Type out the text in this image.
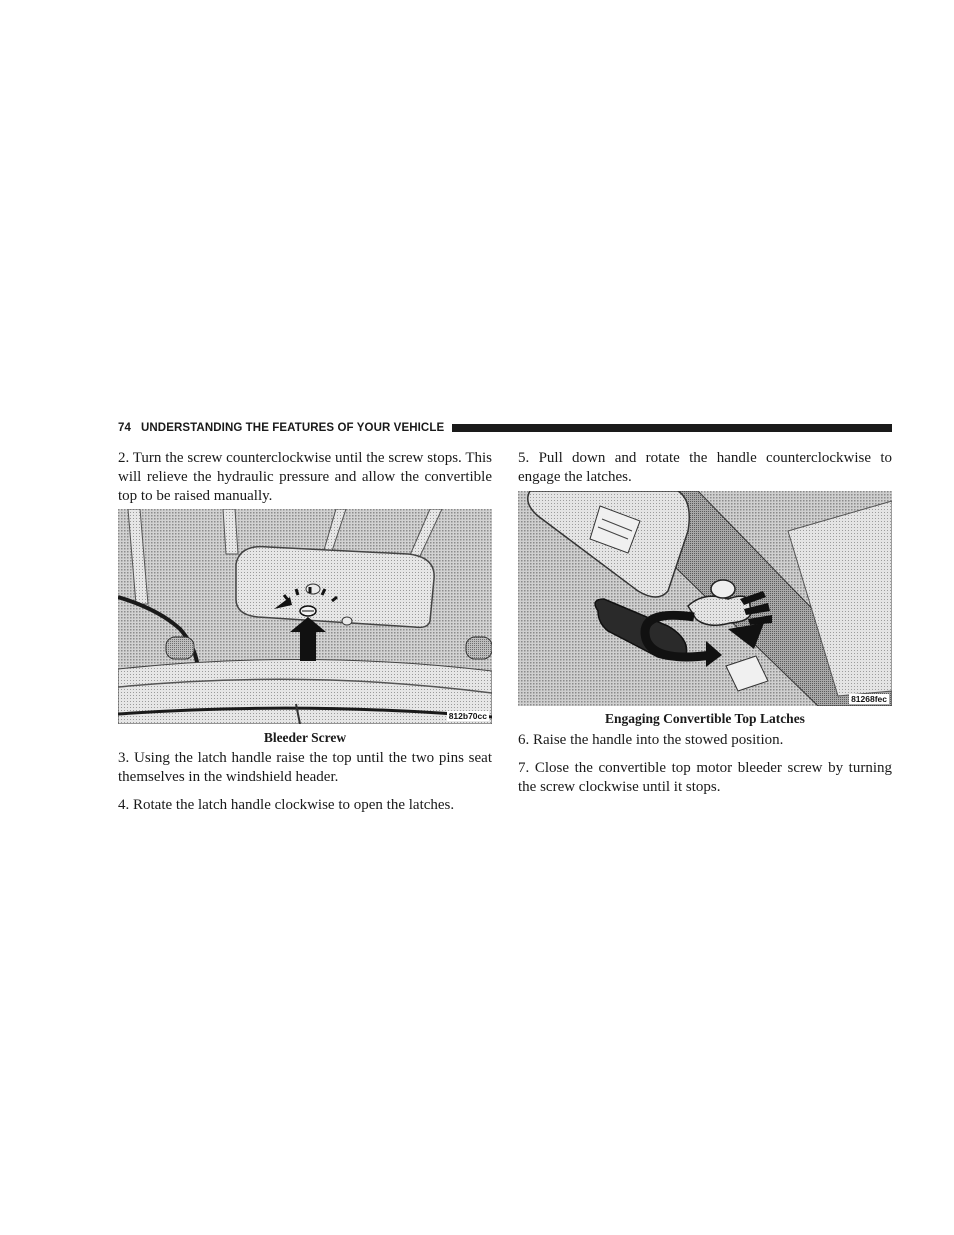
74 UNDERSTANDING THE FEATURES OF YOUR VEHICLE

2. Turn the screw counterclockwise until the screw stops. This will relieve the hydraulic pressure and allow the convertible top to be raised manually.

812b70cc

Bleeder Screw

3. Using the latch handle raise the top until the two pins seat themselves in the windshield header.

4. Rotate the latch handle clockwise to open the latches.

5. Pull down and rotate the handle counterclockwise to engage the latches.

81268fec

Engaging Convertible Top Latches

6. Raise the handle into the stowed position.

7. Close the convertible top motor bleeder screw by turning the screw clockwise until it stops.
